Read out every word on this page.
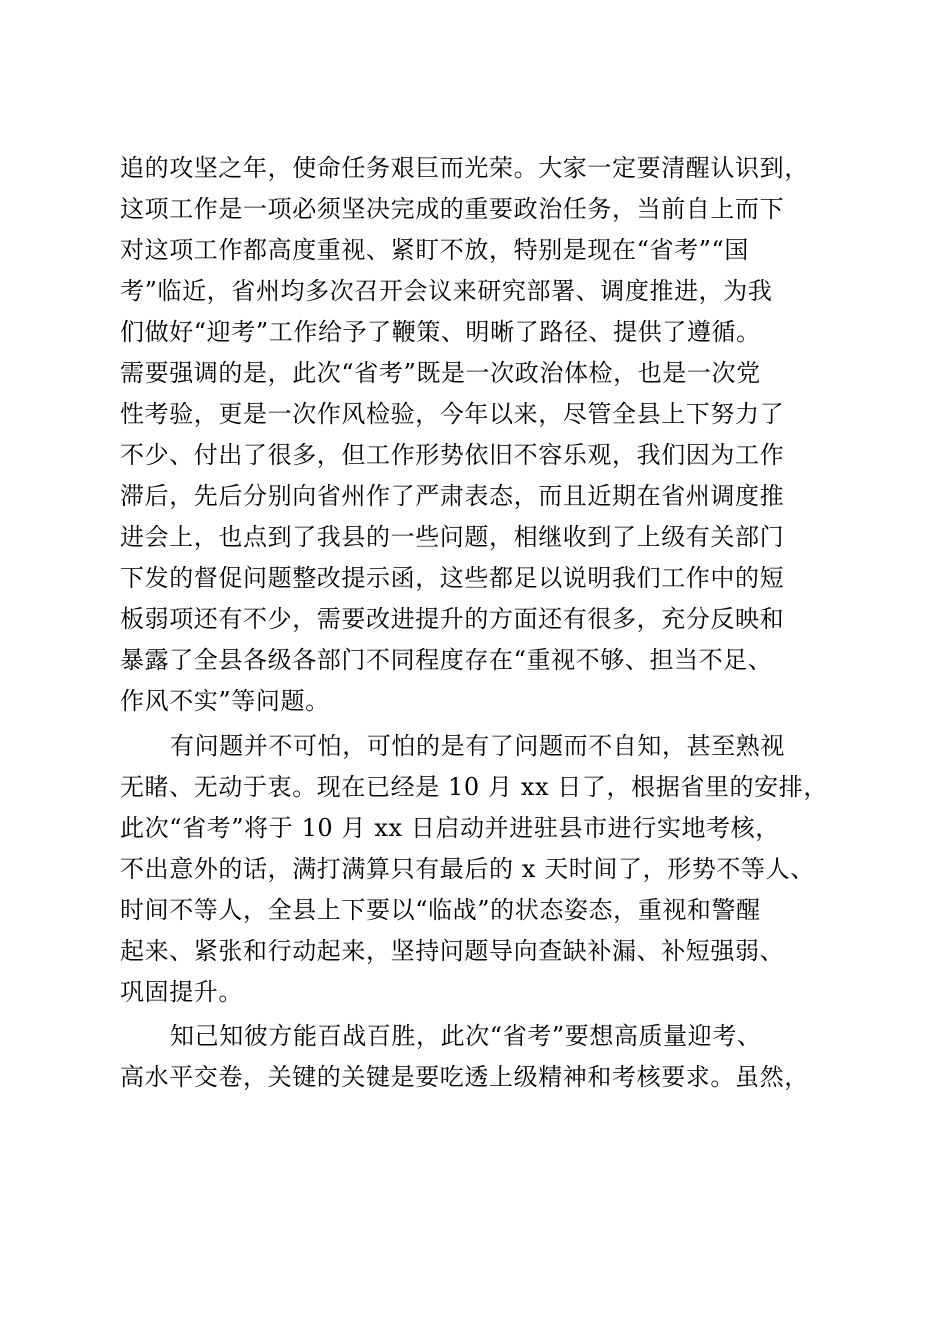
追的攻坚之年，使命任务艰巨而光荣。大家一定要清醒认识到，
这项工作是一项必须坚决完成的重要政治任务，当前自上而下
对这项工作都高度重视、紧盯不放，特别是现在“省考”“国
考”临近，省州均多次召开会议来研究部署、调度推进，为我
们做好“迎考”工作给予了鞭策、明晰了路径、提供了遵循。
需要强调的是，此次“省考”既是一次政治体检，也是一次党
性考验，更是一次作风检验，今年以来，尽管全县上下努力了
不少、付出了很多，但工作形势依旧不容乐观，我们因为工作
滞后，先后分别向省州作了严肃表态，而且近期在省州调度推
进会上，也点到了我县的一些问题，相继收到了上级有关部门
下发的督促问题整改提示函，这些都足以说明我们工作中的短
板弱项还有不少，需要改进提升的方面还有很多，充分反映和
暴露了全县各级各部门不同程度存在“重视不够、担当不足、
作风不实”等问题。
有问题并不可怕，可怕的是有了问题而不自知，甚至熟视
无睹、无动于衷。现在已经是 10 月 xx 日了，根据省里的安排，
此次“省考”将于 10 月 xx 日启动并进驻县市进行实地考核，
不出意外的话，满打满算只有最后的 x 天时间了，形势不等人、
时间不等人，全县上下要以“临战”的状态姿态，重视和警醒
起来、紧张和行动起来，坚持问题导向查缺补漏、补短强弱、
巩固提升。
知己知彼方能百战百胜，此次“省考”要想高质量迎考、
高水平交卷，关键的关键是要吃透上级精神和考核要求。虽然，
